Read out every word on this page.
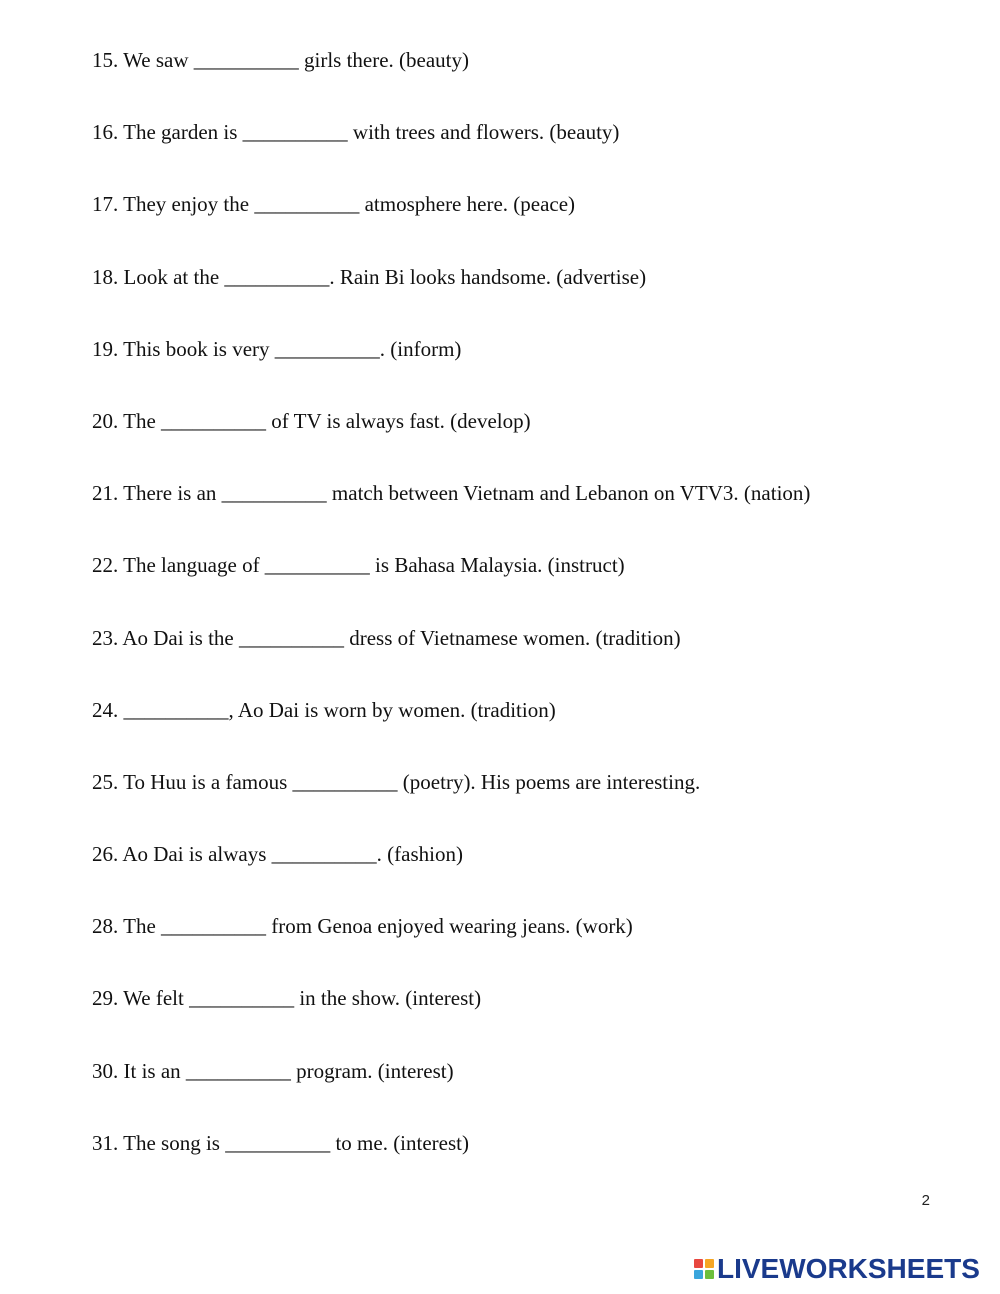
15. We saw __________ girls there. (beauty)
16. The garden is __________ with trees and flowers. (beauty)
17. They enjoy the __________ atmosphere here. (peace)
18. Look at the __________. Rain Bi looks handsome. (advertise)
19. This book is very __________. (inform)
20. The __________ of TV is always fast. (develop)
21. There is an __________ match between Vietnam and Lebanon on VTV3. (nation)
22. The language of __________ is Bahasa Malaysia. (instruct)
23. Ao Dai is the __________ dress of Vietnamese women. (tradition)
24. __________, Ao Dai is worn by women. (tradition)
25. To Huu is a famous __________ (poetry). His poems are interesting.
26. Ao Dai is always __________. (fashion)
28. The __________ from Genoa enjoyed wearing jeans. (work)
29. We felt __________ in the show. (interest)
30. It is an __________ program. (interest)
31. The song is __________ to me. (interest)
2
LIVEWORKSHEETS
